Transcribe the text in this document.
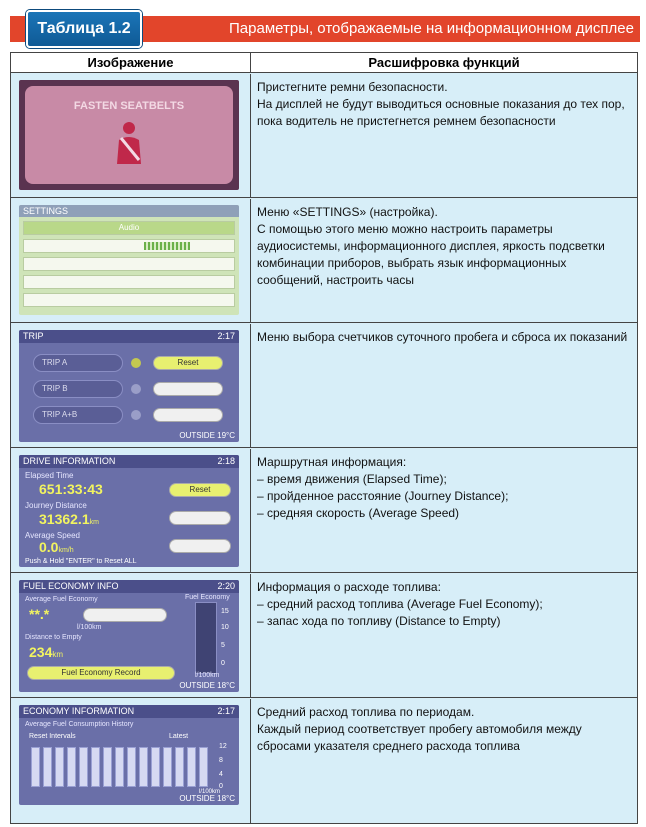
Таблица 1.2	Параметры, отображаемые на информационном дисплее
Изображение	Расшифровка функций
FASTEN SEATBELTS
Пристегните ремни безопасности.
На дисплей не будут выводиться основные показания до тех пор, пока водитель не пристегнется ремнем безопасности
SETTINGS
Audio
Меню «SETTINGS» (настройка).
С помощью этого меню можно настроить параметры аудиосистемы, информационного дисплея, яркость подсветки комбинации приборов, выбрать язык информационных сообщений, настроить часы
TRIP	2:17
TRIP A	Reset
TRIP B
TRIP A+B
OUTSIDE 19°C
Меню выбора счетчиков суточного пробега и сброса их показаний
DRIVE INFORMATION	2:18
Elapsed Time
651:33:43
Journey Distance
31362.1km
Average Speed
0.0km/h
Reset
Push & Hold "ENTER" to Reset ALL
Маршрутная информация:
– время движения (Elapsed Time);
– пройденное расстояние (Journey Distance);
– средняя скорость (Average Speed)
FUEL ECONOMY INFO	2:20
Average Fuel Economy
**.*
l/100km
Distance to Empty
234km
Fuel Economy Record
Fuel Economy
15
10
5
0
l/100km
OUTSIDE 18°C
Информация о расходе топлива:
– средний расход топлива (Average Fuel Economy);
– запас хода по топливу (Distance to Empty)
ECONOMY INFORMATION	2:17
Average Fuel Consumption History
Reset Intervals	Latest
12
8
4
0
l/100km
OUTSIDE 18°C
Средний расход топлива по периодам.
Каждый период соответствует пробегу автомобиля между сбросами указателя среднего расхода топлива
